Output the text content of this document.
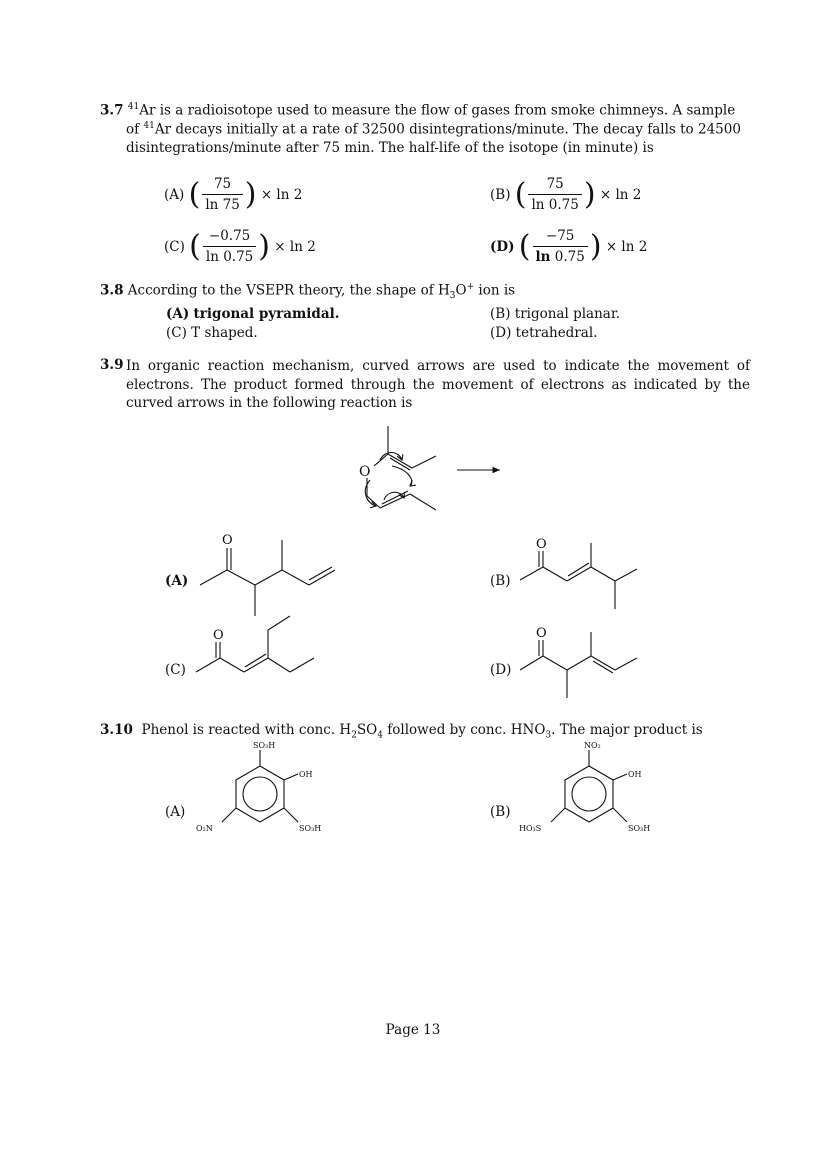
3.7 $^{41}$Ar is a radioisotope used to measure the flow of gases from smoke chimneys. A sample
of $^{41}$Ar decays initially at a rate of 32500 disintegrations/minute. The decay falls to 24500
disintegrations/minute after 75 min. The half-life of the isotope (in minute) is
(A)
( $\frac{75}{\ln 75}$ )
× ln 2	(B)
( $\frac{75}{\ln 0.75}$ )
× ln 2
(C)
( $\frac{-0.75}{\ln 0.75}$ )
× ln 2	(D)
( $\frac{-75}{\ln 0.75}$ )
× ln 2
3.8 According to the VSEPR theory, the shape of $H_3O^+$ ion is
(A) trigonal pyramidal.	(B) trigonal planar.
(C) T shaped.	(D) tetrahedral.
3.9 In organic reaction mechanism, curved arrows are used to indicate the movement of electrons. The product formed through the movement of electrons as indicated by the curved arrows in the following reaction is
O
(A)
O
(B)
O
(C)
O
(D)
O
3.10 Phenol is reacted with conc. $H_2SO_4$ followed by conc. $HNO_3$. The major product is
(A)
SO₃H
OH
O₂N	SO₃H
(B)
NO₂
OH
HO₃S	SO₃H
Page 13
